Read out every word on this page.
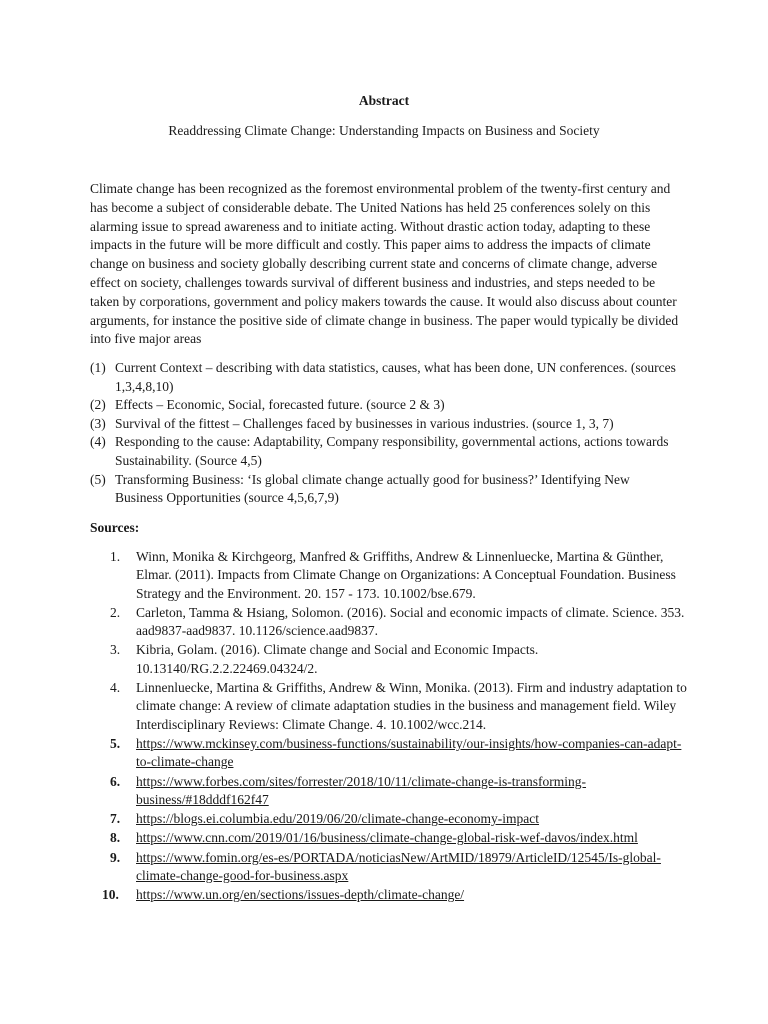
Abstract
Readdressing Climate Change: Understanding Impacts on Business and Society

Climate change has been recognized as the foremost environmental problem of the twenty-first century and has become a subject of considerable debate. The United Nations has held 25 conferences solely on this alarming issue to spread awareness and to initiate acting. Without drastic action today, adapting to these impacts in the future will be more difficult and costly. This paper aims to address the impacts of climate change on business and society globally describing current state and concerns of climate change, adverse effect on society, challenges towards survival of different business and industries, and steps needed to be taken by corporations, government and policy makers towards the cause. It would also discuss about counter arguments, for instance the positive side of climate change in business. The paper would typically be divided into five major areas

(1) Current Context – describing with data statistics, causes, what has been done, UN conferences. (sources 1,3,4,8,10)
(2) Effects – Economic, Social, forecasted future. (source 2 & 3)
(3) Survival of the fittest – Challenges faced by businesses in various industries. (source 1, 3, 7)
(4) Responding to the cause: Adaptability, Company responsibility, governmental actions, actions towards Sustainability. (Source 4,5)
(5) Transforming Business: ‘Is global climate change actually good for business?’ Identifying New Business Opportunities (source 4,5,6,7,9)
Sources:
1. Winn, Monika & Kirchgeorg, Manfred & Griffiths, Andrew & Linnenluecke, Martina & Günther, Elmar. (2011). Impacts from Climate Change on Organizations: A Conceptual Foundation. Business Strategy and the Environment. 20. 157 - 173. 10.1002/bse.679.
2. Carleton, Tamma & Hsiang, Solomon. (2016). Social and economic impacts of climate. Science. 353. aad9837-aad9837. 10.1126/science.aad9837.
3. Kibria, Golam. (2016). Climate change and Social and Economic Impacts. 10.13140/RG.2.2.22469.04324/2.
4. Linnenluecke, Martina & Griffiths, Andrew & Winn, Monika. (2013). Firm and industry adaptation to climate change: A review of climate adaptation studies in the business and management field. Wiley Interdisciplinary Reviews: Climate Change. 4. 10.1002/wcc.214.
5. https://www.mckinsey.com/business-functions/sustainability/our-insights/how-companies-can-adapt-to-climate-change
6. https://www.forbes.com/sites/forrester/2018/10/11/climate-change-is-transforming-business/#18dddf162f47
7. https://blogs.ei.columbia.edu/2019/06/20/climate-change-economy-impact
8. https://www.cnn.com/2019/01/16/business/climate-change-global-risk-wef-davos/index.html
9. https://www.fomin.org/es-es/PORTADA/noticiasNew/ArtMID/18979/ArticleID/12545/Is-global-climate-change-good-for-business.aspx
10. https://www.un.org/en/sections/issues-depth/climate-change/
